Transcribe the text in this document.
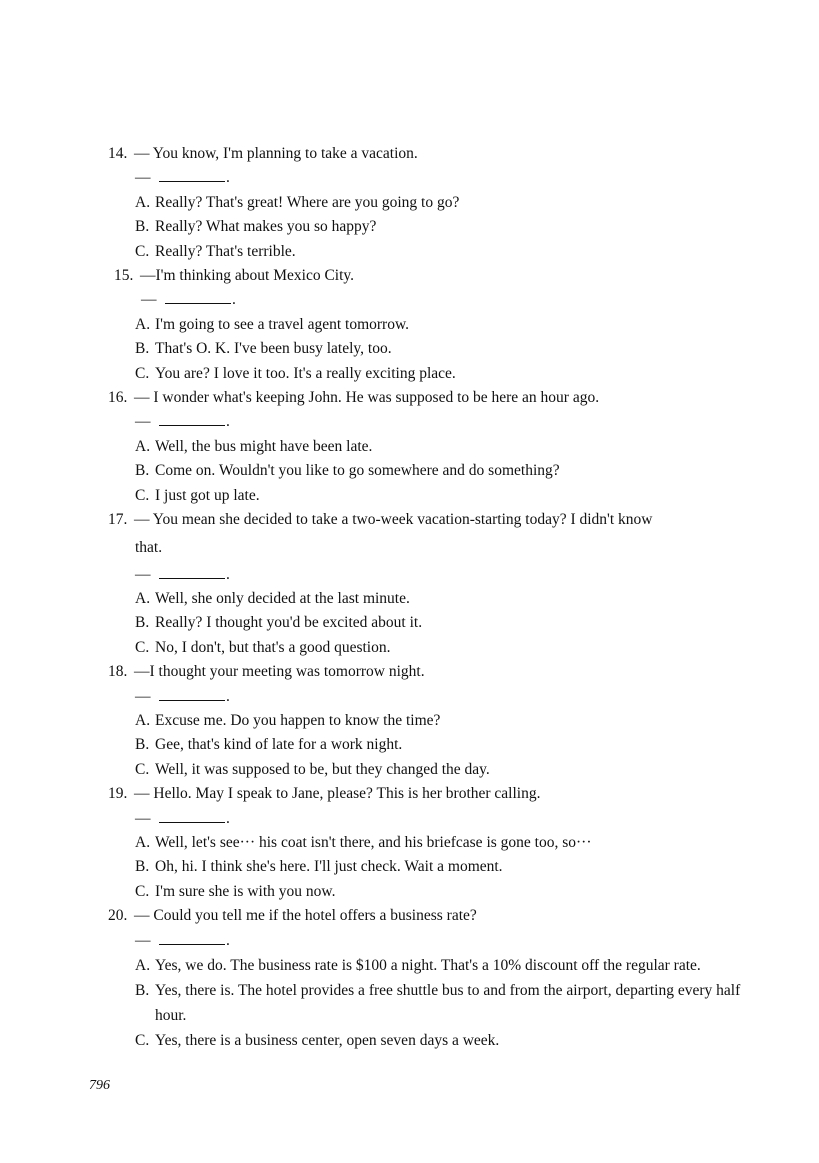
14. — You know, I'm planning to take a vacation.
—	.
A. Really? That's great! Where are you going to go?
B. Really? What makes you so happy?
C. Really? That's terrible.
15. —I'm thinking about Mexico City.
—	.
A. I'm going to see a travel agent tomorrow.
B. That's O. K. I've been busy lately, too.
C. You are? I love it too. It's a really exciting place.
16. — I wonder what's keeping John. He was supposed to be here an hour ago.
—	.
A. Well, the bus might have been late.
B. Come on. Wouldn't you like to go somewhere and do something?
C. I just got up late.
17. — You mean she decided to take a two-week vacation-starting today? I didn't know
that.
—	.
A. Well, she only decided at the last minute.
B. Really? I thought you'd be excited about it.
C. No, I don't, but that's a good question.
18. —I thought your meeting was tomorrow night.
—	.
A. Excuse me. Do you happen to know the time?
B. Gee, that's kind of late for a work night.
C. Well, it was supposed to be, but they changed the day.
19. — Hello. May I speak to Jane, please? This is her brother calling.
—	.
A. Well, let's see··· his coat isn't there, and his briefcase is gone too, so···
B. Oh, hi. I think she's here. I'll just check. Wait a moment.
C. I'm sure she is with you now.
20. — Could you tell me if the hotel offers a business rate?
—	.
A. Yes, we do. The business rate is $100 a night. That's a 10% discount off the regular rate.
B. Yes, there is. The hotel provides a free shuttle bus to and from the airport, departing every half hour.
C. Yes, there is a business center, open seven days a week.
796
